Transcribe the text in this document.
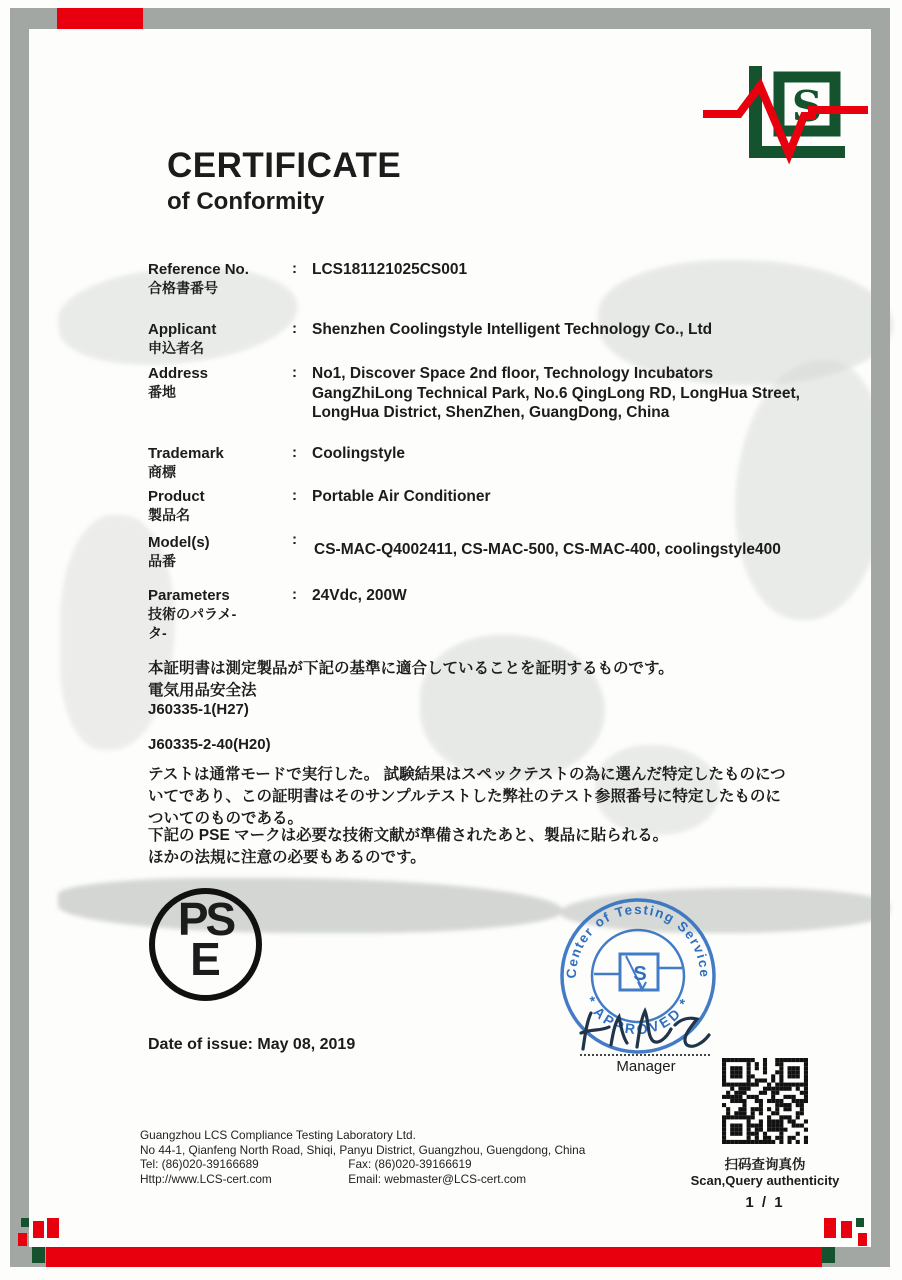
S
CERTIFICATE
of Conformity
Reference No.
合格書番号
: LCS181121025CS001
Applicant
申込者名
: Shenzhen Coolingstyle Intelligent Technology Co., Ltd
Address
番地
: No1, Discover Space 2nd floor, Technology Incubators
GangZhiLong Technical Park, No.6 QingLong RD, LongHua Street,
LongHua District, ShenZhen, GuangDong, China
Trademark
商標
: Coolingstyle
Product
製品名
: Portable Air Conditioner
Model(s)
品番
:
CS-MAC-Q4002411, CS-MAC-500, CS-MAC-400, coolingstyle400
Parameters
技術のパラメ-
タ-
: 24Vdc, 200W
本証明書は測定製品が下記の基準に適合していることを証明するものです。
電気用品安全法
J60335-1(H27)
J60335-2-40(H20)
テストは通常モードで実行した。 試験結果はスペックテストの為に選んだ特定したものにつ
いてであり、この証明書はそのサンプルテストした弊社のテスト参照番号に特定したものに
ついてのものである。
下記の PSE マークは必要な技術文献が準備されたあと、製品に貼られる。
ほかの法規に注意の必要もあるのです。
PS
E	S
Center of Testing Service
* APPROVED *
Manager
Date of issue: May 08, 2019
扫码查询真伪
Scan,Query authenticity
1 / 1
Guangzhou LCS Compliance Testing Laboratory Ltd.
No 44-1, Qianfeng North Road, Shiqi, Panyu District, Guangzhou, Guengdong, China
Tel: (86)020-39166689	Fax: (86)020-39166619
Http://www.LCS-cert.com	Email: webmaster@LCS-cert.com
